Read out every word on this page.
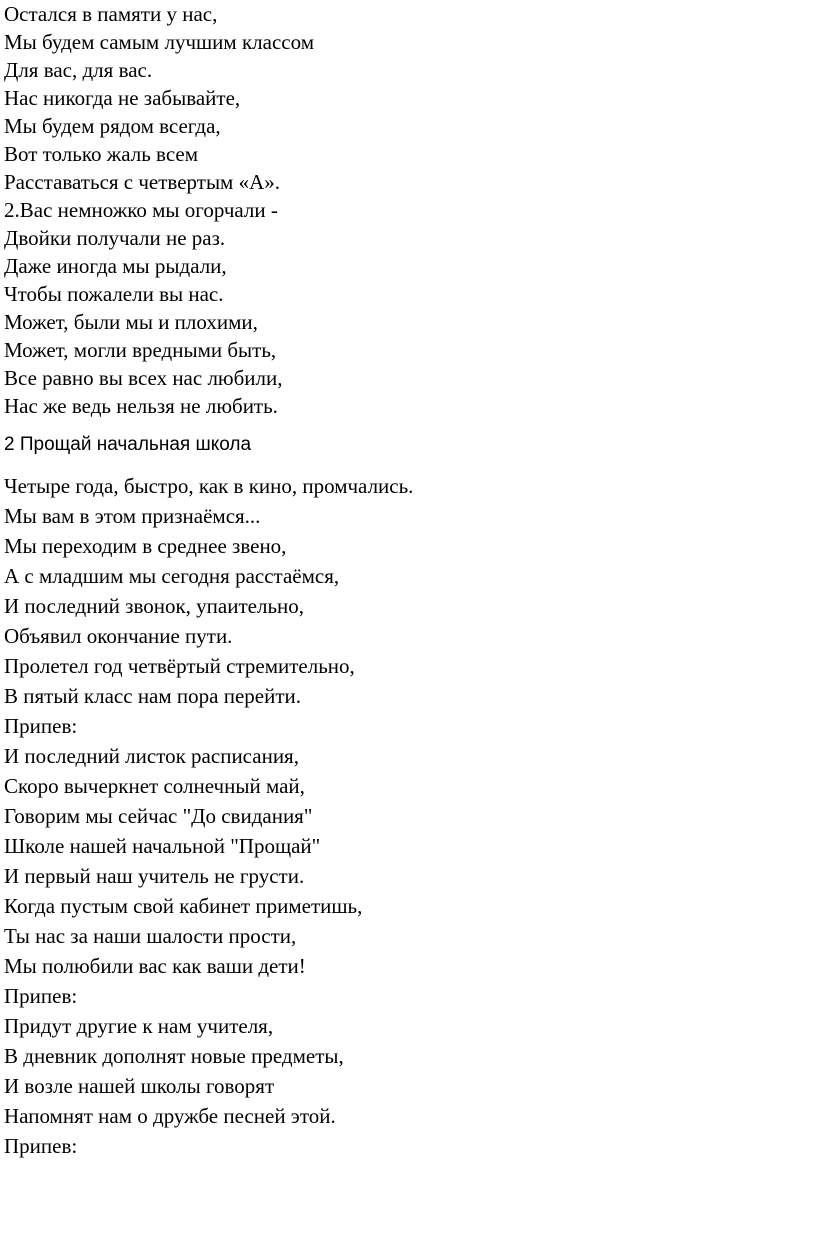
Остался в памяти у нас,
Мы будем самым лучшим классом
Для вас, для вас.
Нас никогда не забывайте,
Мы будем рядом всегда,
Вот только жаль всем
Расставаться с четвертым «А».
2.Вас немножко мы огорчали -
Двойки получали не раз.
Даже иногда мы рыдали,
Чтобы пожалели вы нас.
Может, были мы и плохими,
Может, могли вредными быть,
Все равно вы всех нас любили,
Нас же ведь нельзя не любить.
2 Прощай начальная школа
Четыре года, быстро, как в кино, промчались.
Мы вам в этом признаёмся...
Мы переходим в среднее звено,
А с младшим мы сегодня расстаёмся,
И последний звонок, упаительно,
Объявил окончание пути.
Пролетел год четвёртый стремительно,
В пятый класс нам пора перейти.
Припев:
И последний листок расписания,
Скоро вычеркнет солнечный май,
Говорим мы сейчас "До свидания"
Школе нашей начальной "Прощай"
И первый наш учитель не грусти.
Когда пустым свой кабинет приметишь,
Ты нас за наши шалости прости,
Мы полюбили вас как ваши дети!
Припев:
Придут другие к нам учителя,
В дневник дополнят новые предметы,
И возле нашей школы говорят
Напомнят нам о дружбе песней этой.
Припев:
